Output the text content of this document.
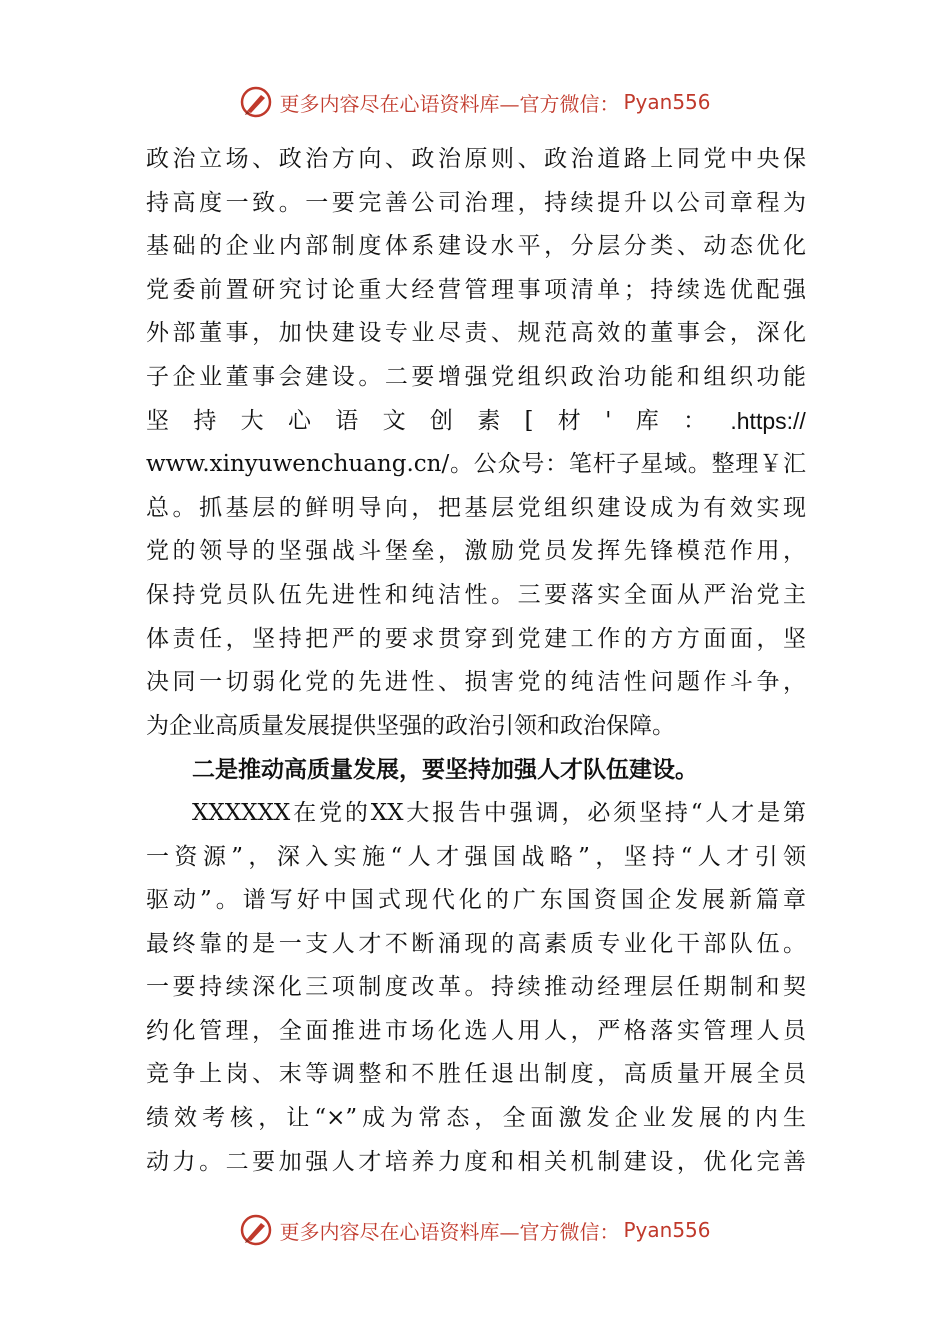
更多内容尽在心语资料库—官方微信： Pyan556
政治立场、政治方向、政治原则、政治道路上同党中央保
持高度一致。一要完善公司治理，持续提升以公司章程为
基础的企业内部制度体系建设水平，分层分类、动态优化
党委前置研究讨论重大经营管理事项清单；持续选优配强
外部董事，加快建设专业尽责、规范高效的董事会，深化
子企业董事会建设。二要增强党组织政治功能和组织功能
坚 持 大 心 语 文 创 素 [ 材 ' 库 ： .https://
www.xinyuwenchuang.cn/。公众号：笔杆子星域。整理￥汇
总。抓基层的鲜明导向，把基层党组织建设成为有效实现
党的领导的坚强战斗堡垒，激励党员发挥先锋模范作用，
保持党员队伍先进性和纯洁性。三要落实全面从严治党主
体责任，坚持把严的要求贯穿到党建工作的方方面面，坚
决同一切弱化党的先进性、损害党的纯洁性问题作斗争，
为企业高质量发展提供坚强的政治引领和政治保障。
二是推动高质量发展，要坚持加强人才队伍建设。
XXXXXX在党的XX大报告中强调，必须坚持“人才是第
一资源”，深入实施“人才强国战略”，坚持“人才引领
驱动”。谱写好中国式现代化的广东国资国企发展新篇章
最终靠的是一支人才不断涌现的高素质专业化干部队伍。
一要持续深化三项制度改革。持续推动经理层任期制和契
约化管理，全面推进市场化选人用人，严格落实管理人员
竞争上岗、末等调整和不胜任退出制度，高质量开展全员
绩效考核，让“×”成为常态，全面激发企业发展的内生
动力。二要加强人才培养力度和相关机制建设，优化完善
更多内容尽在心语资料库—官方微信： Pyan556
